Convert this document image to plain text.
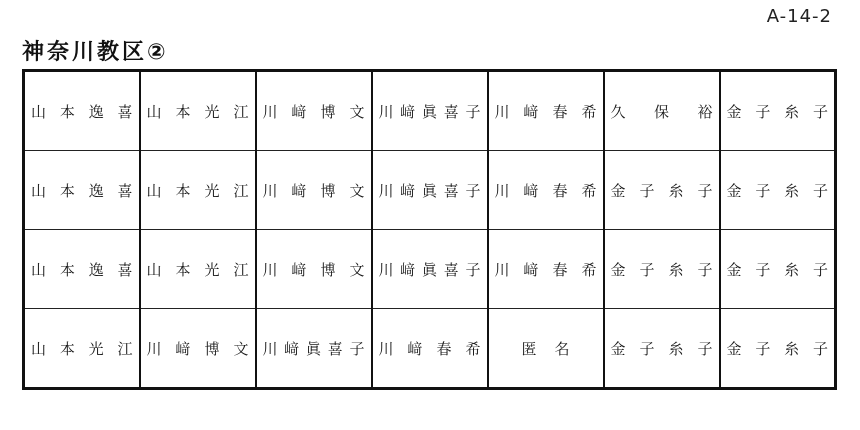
A-14-2
神奈川教区②
山 本 逸 喜	山 本 光 江	川 﨑 博 文	川 﨑 眞 喜 子	川 﨑 春 希	久 保 裕	金 子 糸 子

山 本 逸 喜	山 本 光 江	川 﨑 博 文	川 﨑 眞 喜 子	川 﨑 春 希	金 子 糸 子	金 子 糸 子

山 本 逸 喜	山 本 光 江	川 﨑 博 文	川 﨑 眞 喜 子	川 﨑 春 希	金 子 糸 子	金 子 糸 子

山 本 光 江	川 﨑 博 文	川 﨑 眞 喜 子	川 﨑 春 希	匿 名	金 子 糸 子	金 子 糸 子
